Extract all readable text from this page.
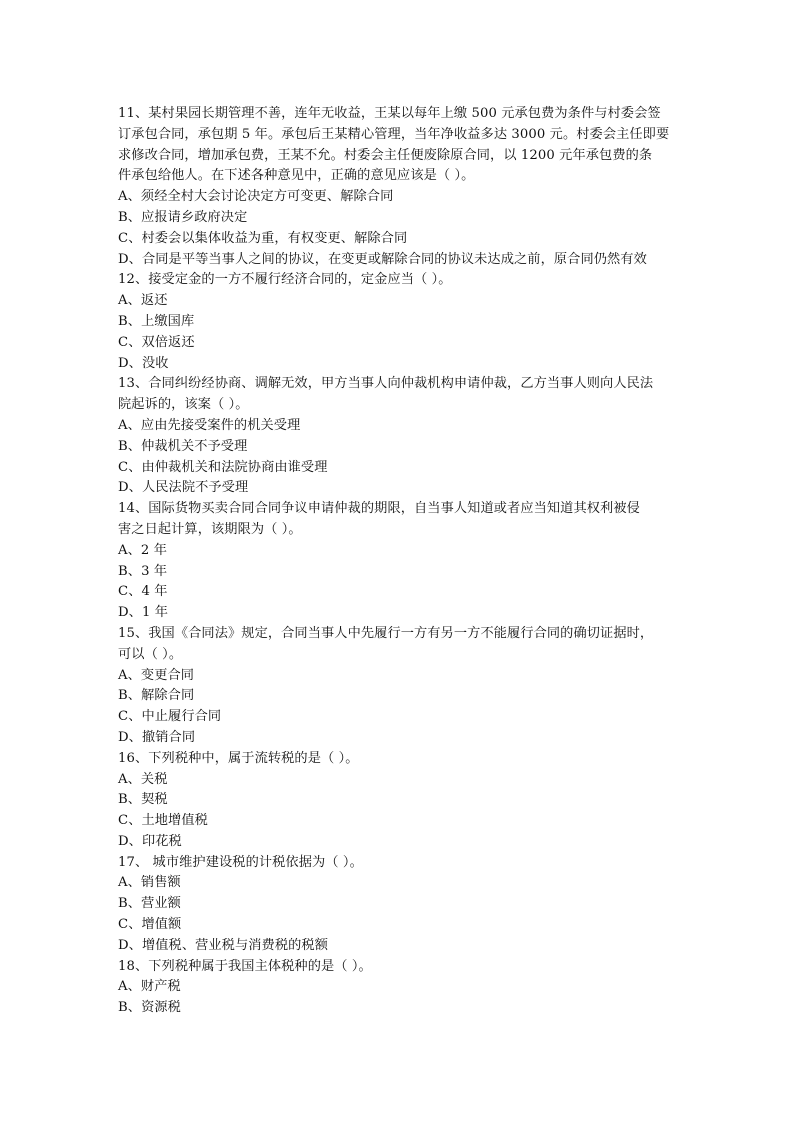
11、某村果园长期管理不善，连年无收益，王某以每年上缴 500 元承包费为条件与村委会签
订承包合同，承包期 5 年。承包后王某精心管理，当年净收益多达 3000 元。村委会主任即要
求修改合同，增加承包费，王某不允。村委会主任便废除原合同，以 1200 元年承包费的条
件承包给他人。在下述各种意见中，正确的意见应该是（ ）。
A、须经全村大会讨论决定方可变更、解除合同
B、应报请乡政府决定
C、村委会以集体收益为重，有权变更、解除合同
D、合同是平等当事人之间的协议，在变更或解除合同的协议未达成之前，原合同仍然有效
12、接受定金的一方不履行经济合同的，定金应当（ ）。
A、返还
B、上缴国库
C、双倍返还
D、没收
13、合同纠纷经协商、调解无效，甲方当事人向仲裁机构申请仲裁，乙方当事人则向人民法
院起诉的，该案（ ）。
A、应由先接受案件的机关受理
B、仲裁机关不予受理
C、由仲裁机关和法院协商由谁受理
D、人民法院不予受理
14、国际货物买卖合同合同争议申请仲裁的期限，自当事人知道或者应当知道其权利被侵
害之日起计算，该期限为（ ）。
A、2 年
B、3 年
C、4 年
D、1 年
15、我国《合同法》规定，合同当事人中先履行一方有另一方不能履行合同的确切证据时，
可以（ ）。
A、变更合同
B、解除合同
C、中止履行合同
D、撤销合同
16、下列税种中，属于流转税的是（ ）。
A、关税
B、契税
C、土地增值税
D、印花税
17、 城市维护建设税的计税依据为（ ）。
A、销售额
B、营业额
C、增值额
D、增值税、营业税与消费税的税额
18、下列税种属于我国主体税种的是（ ）。
A、财产税
B、资源税
